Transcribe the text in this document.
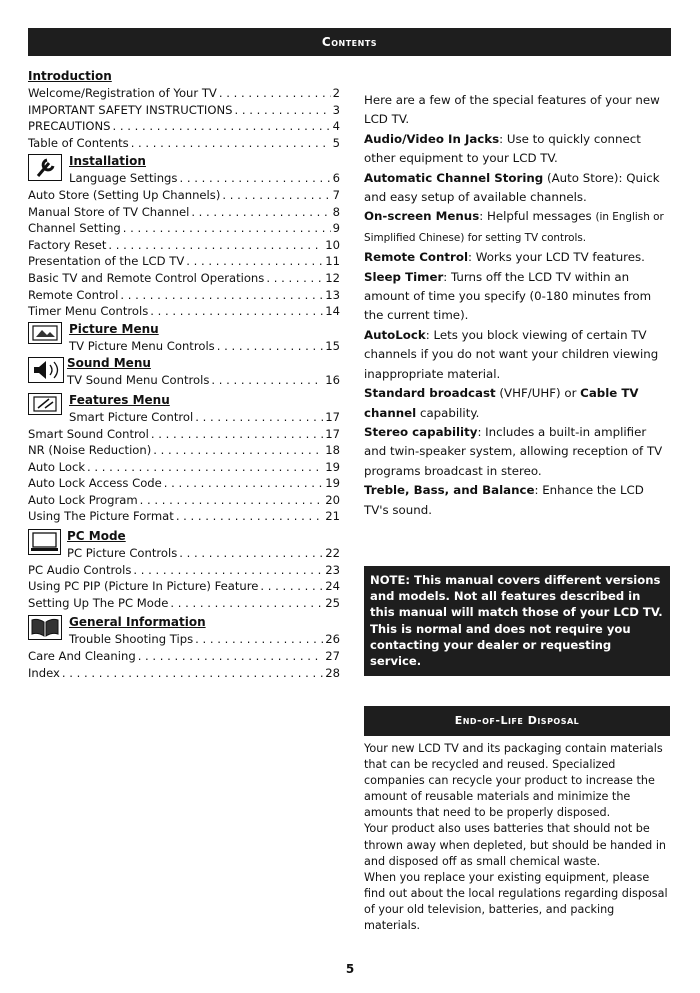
Contents
Introduction
Welcome/Registration of Your TV . . .	2
IMPORTANT SAFETY INSTRUCTIONS . . .	3
PRECAUTIONS . . .	4
Table of Contents . . .	5
Installation
Language Settings . . .	6
Auto Store (Setting Up Channels) . . .	7
Manual Store of TV Channel . . .	8
Channel Setting . . .	9
Factory Reset . . .	10
Presentation of the LCD TV . . .	11
Basic TV and Remote Control Operations . . .	12
Remote Control . . .	13
Timer Menu Controls . . .	14
Picture Menu
TV Picture Menu Controls . . .	15
Sound Menu
TV Sound Menu Controls . . .	16
Features Menu
Smart Picture Control . . .	17
Smart Sound Control . . .	17
NR (Noise Reduction) . . .	18
Auto Lock . . .	19
Auto Lock Access Code . . .	19
Auto Lock Program . . .	20
Using The Picture Format . . .	21
PC Mode
PC Picture Controls . . .	22
PC Audio Controls . . .	23
Using PC PIP (Picture In Picture) Feature . . .	24
Setting Up The PC Mode . . .	25
General Information
Trouble Shooting Tips . . .	26
Care And Cleaning . . .	27
Index . . .	28

Here are a few of the special features of your new LCD TV.

Audio/Video In Jacks: Use to quickly connect other equipment to your LCD TV.

Automatic Channel Storing (Auto Store): Quick and easy setup of available channels.

On-screen Menus: Helpful messages (in English or Simplified Chinese) for setting TV controls.

Remote Control: Works your LCD TV features.

Sleep Timer: Turns off the LCD TV within an amount of time you specify (0-180 minutes from the current time).

AutoLock: Lets you block viewing of certain TV channels if you do not want your children viewing inappropriate material.

Standard broadcast (VHF/UHF) or Cable TV channel capability.

Stereo capability: Includes a built-in amplifier and twin-speaker system, allowing reception of TV programs broadcast in stereo.

Treble, Bass, and Balance: Enhance the LCD TV's sound.

NOTE: This manual covers different versions and models. Not all features described in this manual will match those of your LCD TV. This is normal and does not require you contacting your dealer or requesting service.
End-of-Life Disposal

Your new LCD TV and its packaging contain materials that can be recycled and reused. Specialized companies can recycle your product to increase the amount of reusable materials and minimize the amounts that need to be properly disposed.

Your product also uses batteries that should not be thrown away when depleted, but should be handed in and disposed off as small chemical waste.

When you replace your existing equipment, please find out about the local regulations regarding disposal of your old television, batteries, and packing materials.

5
